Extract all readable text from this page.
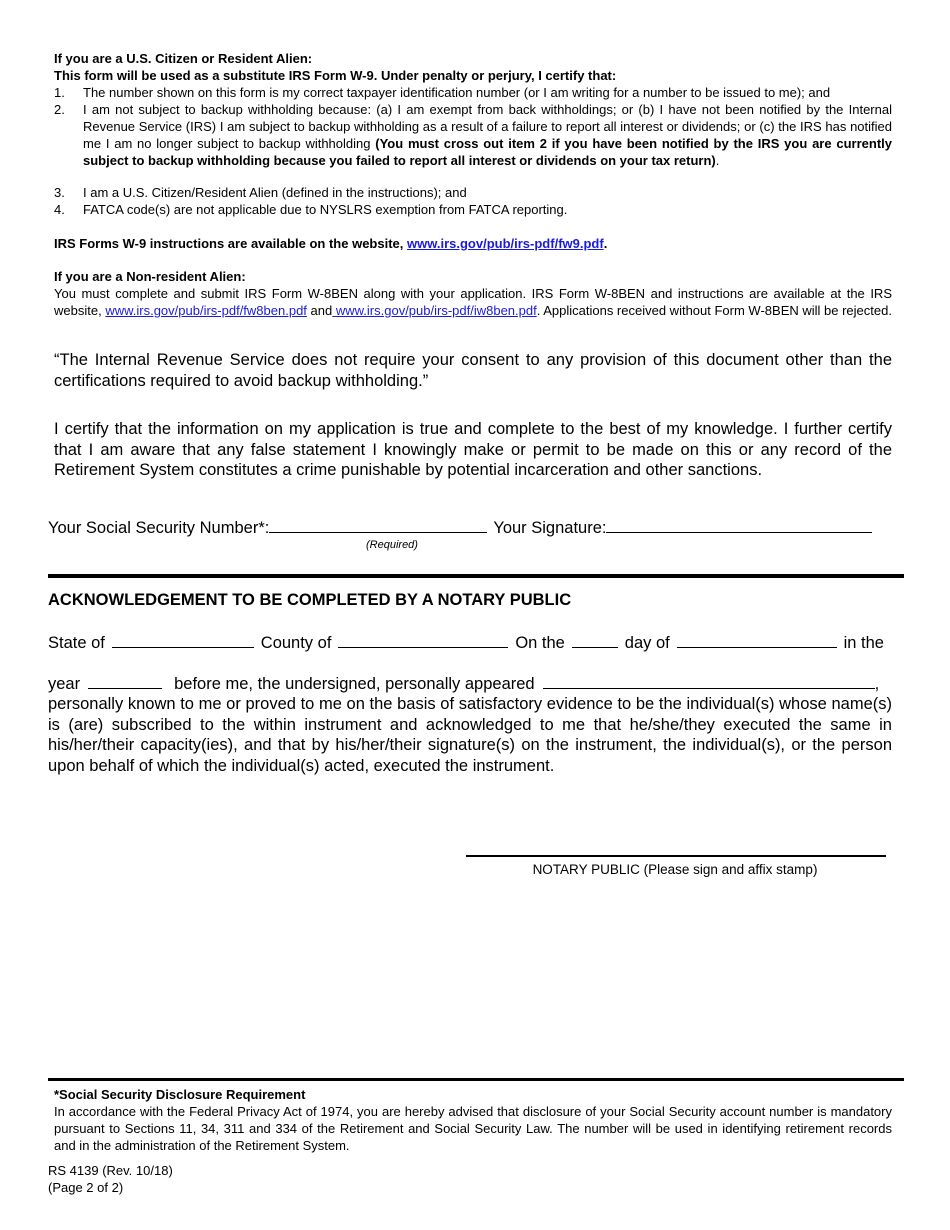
If you are a U.S. Citizen or Resident Alien:
This form will be used as a substitute IRS Form W-9. Under penalty or perjury, I certify that:
1.	The number shown on this form is my correct taxpayer identification number (or I am writing for a number to be issued to me); and
2.	I am not subject to backup withholding because: (a) I am exempt from back withholdings; or (b) I have not been notified by the Internal Revenue Service (IRS) I am subject to backup withholding as a result of a failure to report all interest or dividends; or (c) the IRS has notified me I am no longer subject to backup withholding (You must cross out item 2 if you have been notified by the IRS you are currently subject to backup withholding because you failed to report all interest or dividends on your tax return).
3.	I am a U.S. Citizen/Resident Alien (defined in the instructions); and
4.	FATCA code(s) are not applicable due to NYSLRS exemption from FATCA reporting.
IRS Forms W-9 instructions are available on the website, www.irs.gov/pub/irs-pdf/fw9.pdf.
If you are a Non-resident Alien:
You must complete and submit IRS Form W-8BEN along with your application. IRS Form W-8BEN and instructions are available at the IRS website, www.irs.gov/pub/irs-pdf/fw8ben.pdf and www.irs.gov/pub/irs-pdf/iw8ben.pdf. Applications received without Form W-8BEN will be rejected.
“The Internal Revenue Service does not require your consent to any provision of this document other than the certifications required to avoid backup withholding.”
I certify that the information on my application is true and complete to the best of my knowledge. I further certify that I am aware that any false statement I knowingly make or permit to be made on this or any record of the Retirement System constitutes a crime punishable by potential incarceration and other sanctions.
Your Social Security Number*:	Your Signature:
(Required)
ACKNOWLEDGEMENT TO BE COMPLETED BY A NOTARY PUBLIC
State of	County of	On the	day of	in the
year	before me, the undersigned, personally appeared	,
personally known to me or proved to me on the basis of satisfactory evidence to be the individual(s) whose name(s) is (are) subscribed to the within instrument and acknowledged to me that he/she/they executed the same in his/her/their capacity(ies), and that by his/her/their signature(s) on the instrument, the individual(s), or the person upon behalf of which the individual(s) acted, executed the instrument.
NOTARY PUBLIC (Please sign and affix stamp)
*Social Security Disclosure Requirement
In accordance with the Federal Privacy Act of 1974, you are hereby advised that disclosure of your Social Security account number is mandatory pursuant to Sections 11, 34, 311 and 334 of the Retirement and Social Security Law. The number will be used in identifying retirement records and in the administration of the Retirement System.
RS 4139 (Rev. 10/18)
(Page 2 of 2)
